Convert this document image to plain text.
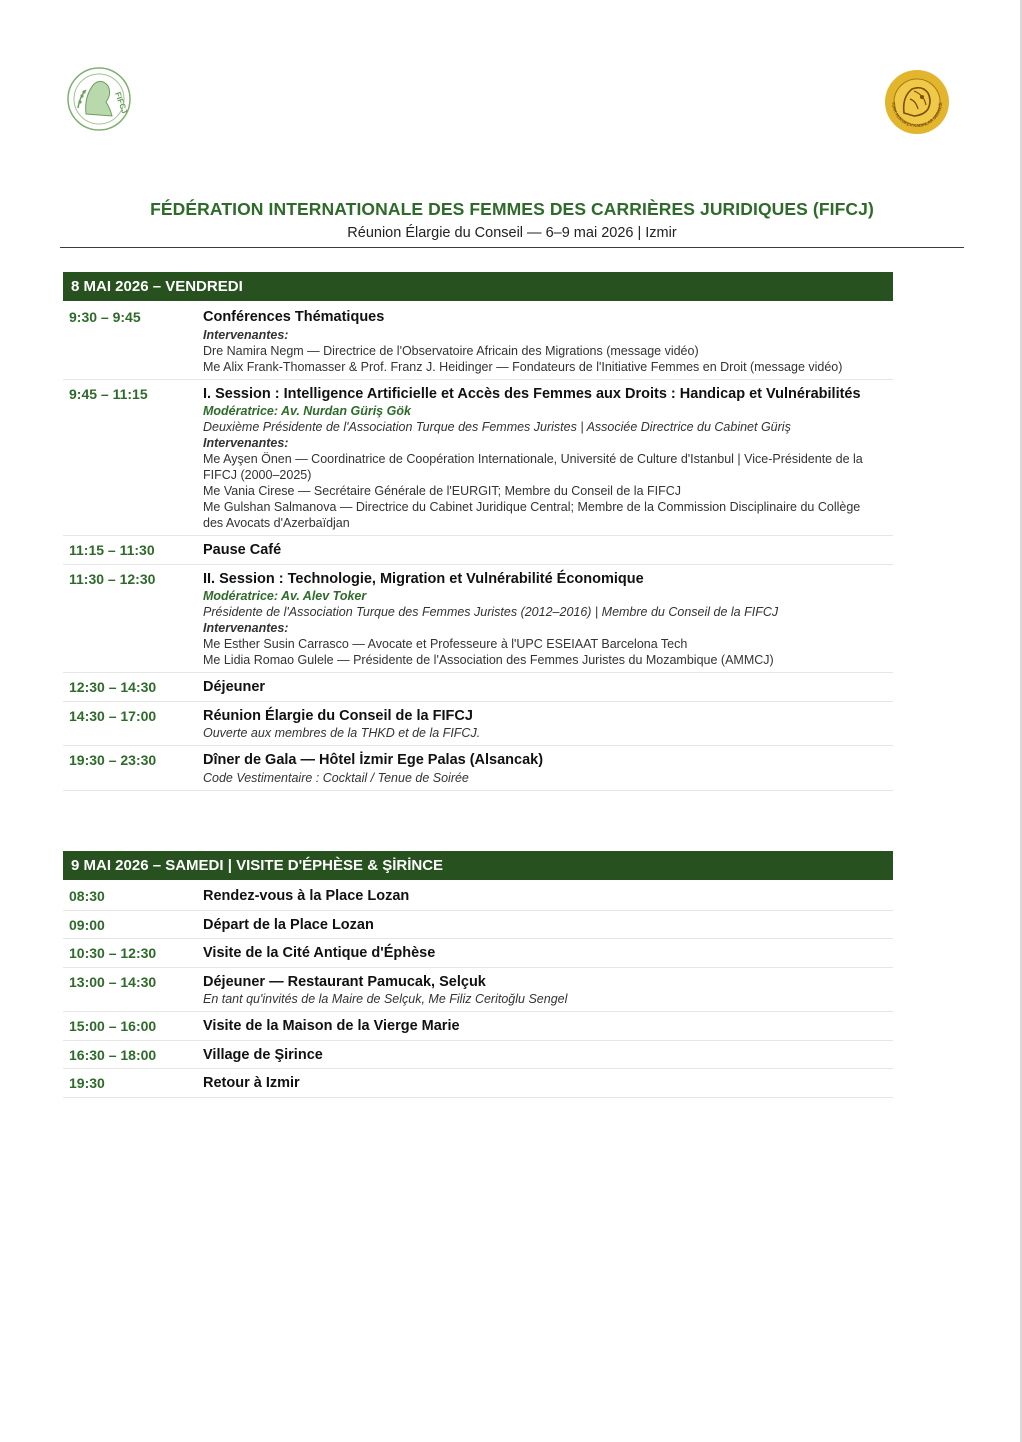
FIFCJ	TÜRK HUKUKÇU KADINLAR DERNEĞİ
FÉDÉRATION INTERNATIONALE DES FEMMES DES CARRIÈRES JURIDIQUES (FIFCJ)
Réunion Élargie du Conseil — 6–9 mai 2026 | Izmir
8 MAI 2026 – VENDREDI
9:30 – 9:45	Conférences Thématiques
Intervenantes:
Dre Namira Negm — Directrice de l'Observatoire Africain des Migrations (message vidéo)
Me Alix Frank-Thomasser & Prof. Franz J. Heidinger — Fondateurs de l'Initiative Femmes en Droit (message vidéo)
9:45 – 11:15	I. Session : Intelligence Artificielle et Accès des Femmes aux Droits : Handicap et Vulnérabilités
Modératrice: Av. Nurdan Güriş Gök
Deuxième Présidente de l'Association Turque des Femmes Juristes | Associée Directrice du Cabinet Güriş
Intervenantes:
Me Ayşen Önen — Coordinatrice de Coopération Internationale, Université de Culture d'Istanbul | Vice-Présidente de la FIFCJ (2000–2025)
Me Vania Cirese — Secrétaire Générale de l'EURGIT; Membre du Conseil de la FIFCJ
Me Gulshan Salmanova — Directrice du Cabinet Juridique Central; Membre de la Commission Disciplinaire du Collège des Avocats d'Azerbaïdjan
11:15 – 11:30	Pause Café
11:30 – 12:30	II. Session : Technologie, Migration et Vulnérabilité Économique
Modératrice: Av. Alev Toker
Présidente de l'Association Turque des Femmes Juristes (2012–2016) | Membre du Conseil de la FIFCJ
Intervenantes:
Me Esther Susin Carrasco — Avocate et Professeure à l'UPC ESEIAAT Barcelona Tech
Me Lidia Romao Gulele — Présidente de l'Association des Femmes Juristes du Mozambique (AMMCJ)
12:30 – 14:30	Déjeuner
14:30 – 17:00	Réunion Élargie du Conseil de la FIFCJ
Ouverte aux membres de la THKD et de la FIFCJ.
19:30 – 23:30	Dîner de Gala — Hôtel İzmir Ege Palas (Alsancak)
Code Vestimentaire : Cocktail / Tenue de Soirée
9 MAI 2026 – SAMEDI | VISITE D'ÉPHÈSE & ŞİRİNCE
08:30	Rendez-vous à la Place Lozan
09:00	Départ de la Place Lozan
10:30 – 12:30	Visite de la Cité Antique d'Éphèse
13:00 – 14:30	Déjeuner — Restaurant Pamucak, Selçuk
En tant qu'invités de la Maire de Selçuk, Me Filiz Ceritoğlu Sengel
15:00 – 16:00	Visite de la Maison de la Vierge Marie
16:30 – 18:00	Village de Şirince
19:30	Retour à Izmir
